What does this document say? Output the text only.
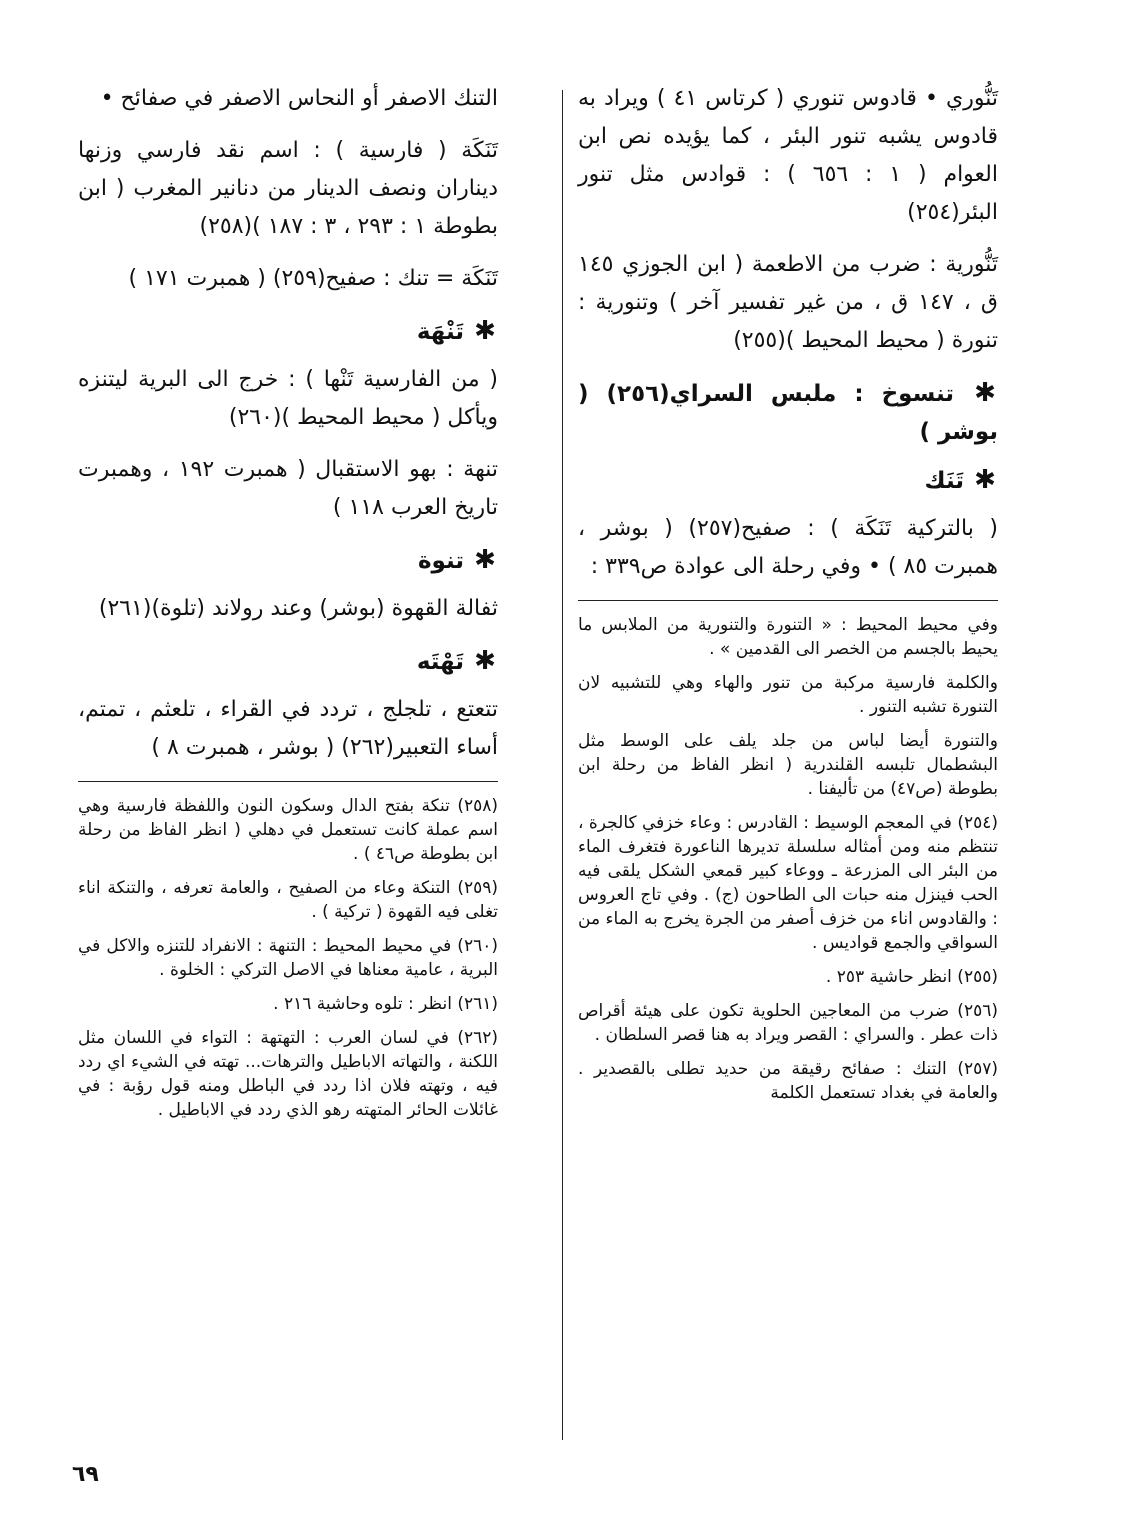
تَنُّوري • قادوس تنوري ( كرتاس ٤١ ) ويراد به قادوس يشبه تنور البئر ، كما يؤيده نص ابن العوام ( ١ : ٦٥٦ ) : قوادس مثل تنور البئر(٢٥٤)

تَنُّورية : ضرب من الاطعمة ( ابن الجوزي ١٤٥ ق ، ١٤٧ ق ، من غير تفسير آخر ) وتنورية : تنورة ( محيط المحيط )(٢٥٥)

✱ تنسوخ : ملبس السراي(٢٥٦) ( بوشر )
✱ تَنَك

( بالتركية تَنَكَة ) : صفيح(٢٥٧) ( بوشر ، همبرت ٨٥ ) • وفي رحلة الى عوادة ص٣٣٩ :

وفي محيط المحيط : « التنورة والتنورية من الملابس ما يحيط بالجسم من الخصر الى القدمين » .

والكلمة فارسية مركبة من تنور والهاء وهي للتشبيه لان التنورة تشبه التنور .

والتنورة أيضا لباس من جلد يلف على الوسط مثل البشطمال تلبسه القلندرية ( انظر الفاظ من رحلة ابن بطوطة (ص٤٧) من تأليفنا .

(٢٥٤) في المعجم الوسيط : القادرس : وعاء خزفي كالجرة ، تنتظم منه ومن أمثاله سلسلة تديرها الناعورة فتغرف الماء من البئر الى المزرعة ـ ووعاء كبير قمعي الشكل يلقى فيه الحب فينزل منه حبات الى الطاحون (ج) . وفي تاج العروس : والقادوس اناء من خزف أصفر من الجرة يخرج به الماء من السواقي والجمع قواديس .

(٢٥٥) انظر حاشية ٢٥٣ .

(٢٥٦) ضرب من المعاجين الحلوية تكون على هيئة أقراص ذات عطر . والسراي : القصر ويراد به هنا قصر السلطان .

(٢٥٧) التنك : صفائح رقيقة من حديد تطلى بالقصدير . والعامة في بغداد تستعمل الكلمة

التنك الاصفر أو النحاس الاصفر في صفائح •

تَنَكَة ( فارسية ) : اسم نقد فارسي وزنها ديناران ونصف الدينار من دنانير المغرب ( ابن بطوطة ١ : ٢٩٣ ، ٣ : ١٨٧ )(٢٥٨)

تَنَكَة = تنك : صفيح(٢٥٩) ( همبرت ١٧١ )

✱ تَنْهَة

( من الفارسية تَنْها ) : خرج الى البرية ليتنزه ويأكل ( محيط المحيط )(٢٦٠)

تنهة : بهو الاستقبال ( همبرت ١٩٢ ، وهمبرت تاريخ العرب ١١٨ )

✱ تنوة

ثفالة القهوة (بوشر) وعند رولاند (تلوة)(٢٦١)

✱ تَهْتَه

تتعتع ، تلجلج ، تردد في القراء ، تلعثم ، تمتم، أساء التعبير(٢٦٢) ( بوشر ، همبرت ٨ )

(٢٥٨) تنكة بفتح الدال وسكون النون واللفظة فارسية وهي اسم عملة كانت تستعمل في دهلي ( انظر الفاظ من رحلة ابن بطوطة ص٤٦ ) .

(٢٥٩) التنكة وعاء من الصفيح ، والعامة تعرفه ، والتنكة اناء تغلى فيه القهوة ( تركية ) .

(٢٦٠) في محيط المحيط : التنهة : الانفراد للتنزه والاكل في البرية ، عامية معناها في الاصل التركي : الخلوة .

(٢٦١) انظر : تلوه وحاشية ٢١٦ .

(٢٦٢) في لسان العرب : التهتهة : التواء في اللسان مثل اللكنة ، والتهاته الاباطيل والترهات... تهته في الشيء اي ردد فيه ، وتهته فلان اذا ردد في الباطل ومنه قول رؤبة : في غائلات الحائر المتهته رهو الذي ردد في الاباطيل .

٦٩
